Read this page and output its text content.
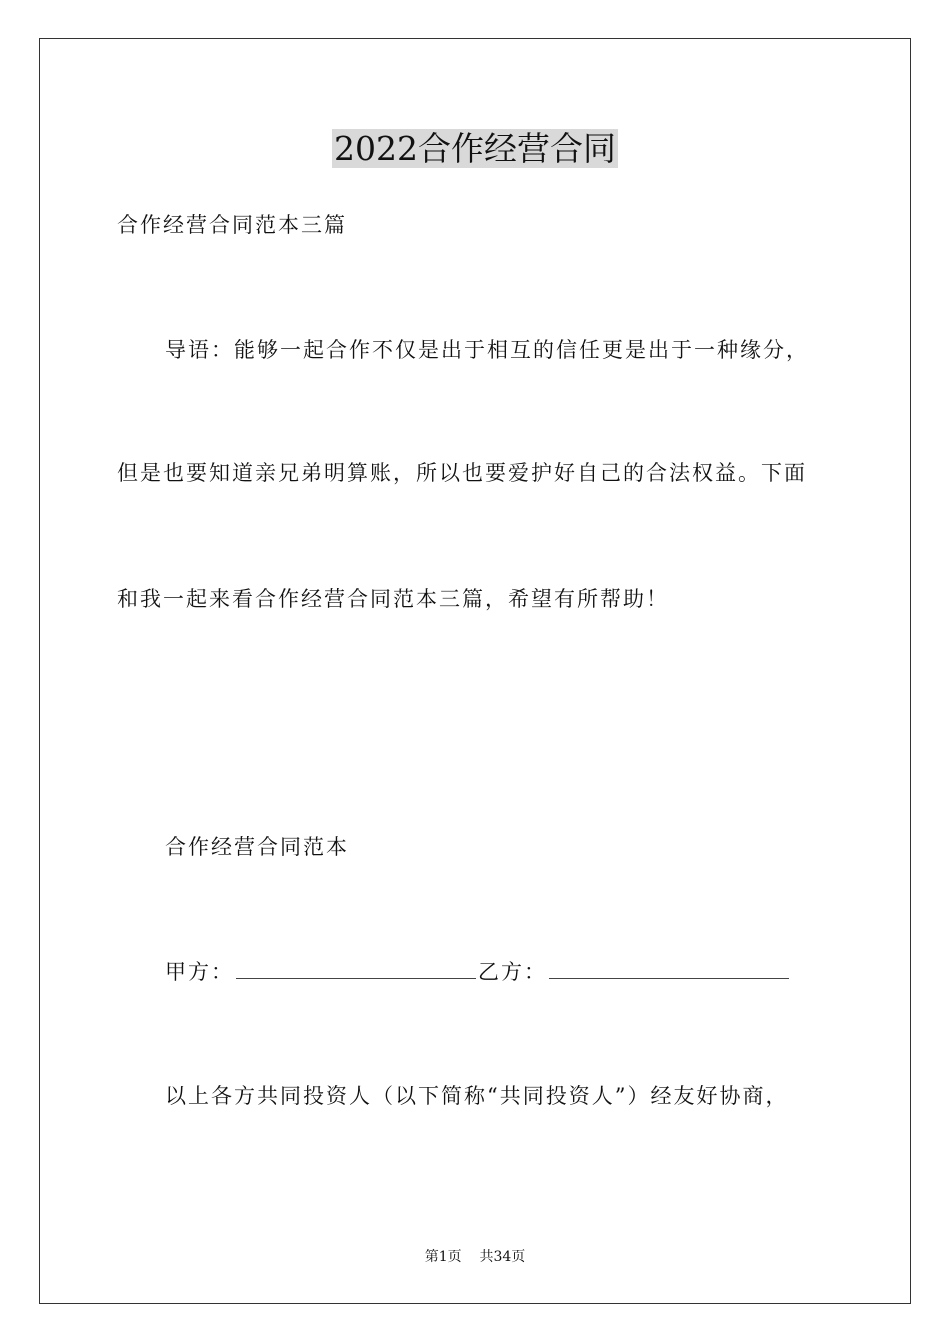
2022合作经营合同
合作经营合同范本三篇
导语：能够一起合作不仅是出于相互的信任更是出于一种缘分，
但是也要知道亲兄弟明算账，所以也要爱护好自己的合法权益。下面
和我一起来看合作经营合同范本三篇，希望有所帮助！
合作经营合同范本
甲方：	乙方：
以上各方共同投资人（以下简称“共同投资人”）经友好协商，
第1页 共34页
